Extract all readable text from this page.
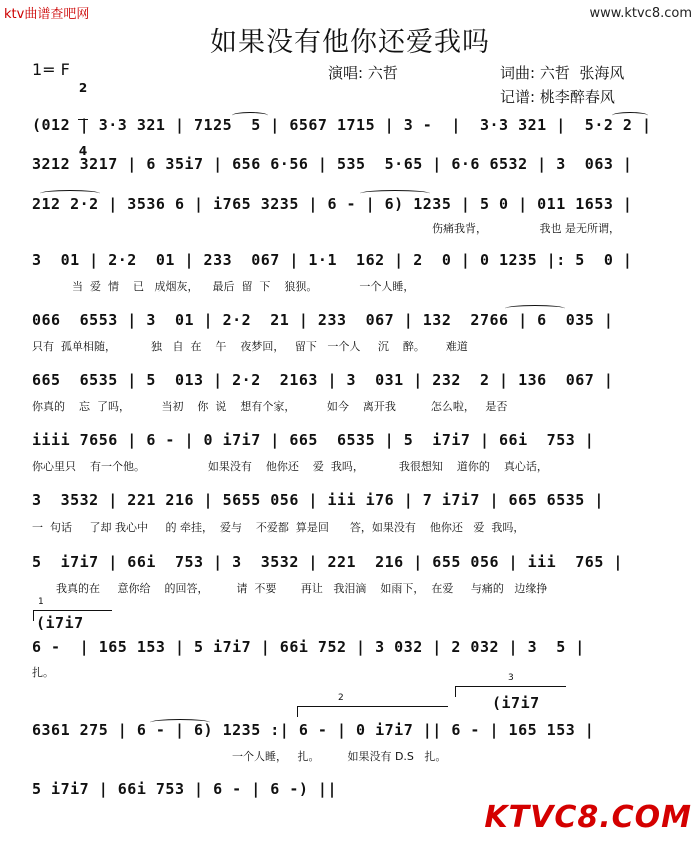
ktv曲谱查吧网	www.ktvc8.com
如果没有他你还爱我吗
1= F

2

4

演唱: 六哲	词曲: 六哲  张海风
记谱: 桃李醉春风
(012 | 3·3 321 | 7125  5 | 6567 1715 | 3 -  |  3·3 321 |  5·2 2 |
3212 3217 | 6 35i7 | 656 6·56 | 535  5·65 | 6·6 6532 | 3  063 |
212 2·2 | 3536 6 | i765 3235 | 6 - | 6) 1235 | 5 0 | 011 1653 |
伤痛我背，               我也 是无所谓，
3  01 | 2·2  01 | 233  067 | 1·1  162 | 2  0 | 0 1235 |: 5  0 |
当  爱  情    已   成烟灰，    最后  留  下    狼狈。            一个人睡，
066  6553 | 3  01 | 2·2  21 | 233  067 | 132  2766 | 6  035 |
只有  孤单相随，          独   自  在    午    夜梦回，   留下   一个人     沉    醉。      难道
665  6535 | 5  013 | 2·2  2163 | 3  031 | 232  2 | 136  067 |
你真的    忘  了吗，         当初    你  说    想有个家，         如今    离开我          怎么啦，   是否
iiii 7656 | 6 - | 0 i7i7 | 665  6535 | 5  i7i7 | 66i  753 |
你心里只    有一个他。                  如果没有    他你还    爱  我吗，          我很想知    道你的    真心话，
3  3532 | 221 216 | 5655 056 | iii i76 | 7 i7i7 | 665 6535 |
一  句话     了却 我心中     的 牵挂，  爱与    不爱都  算是回      答，如果没有    他你还   爱  我吗，
5  i7i7 | 66i  753 | 3  3532 | 221  216 | 655 056 | iii  765 |
我真的在     意你给    的回答，        请  不要       再让   我泪滴    如雨下，  在爱     与痛的   边缘挣
1
(i7i7
6 -  | 165 153 | 5 i7i7 | 66i 752 | 3 032 | 2 032 | 3  5 |
扎。
2
3
(i7i7
6361 275 | 6 - | 6) 1235 :| 6 - | 0 i7i7 || 6 - | 165 153 |
一个人睡，   扎。        如果没有 D.S   扎。
5 i7i7 | 66i 753 | 6 - | 6 -) ||
KTVC8.COM
